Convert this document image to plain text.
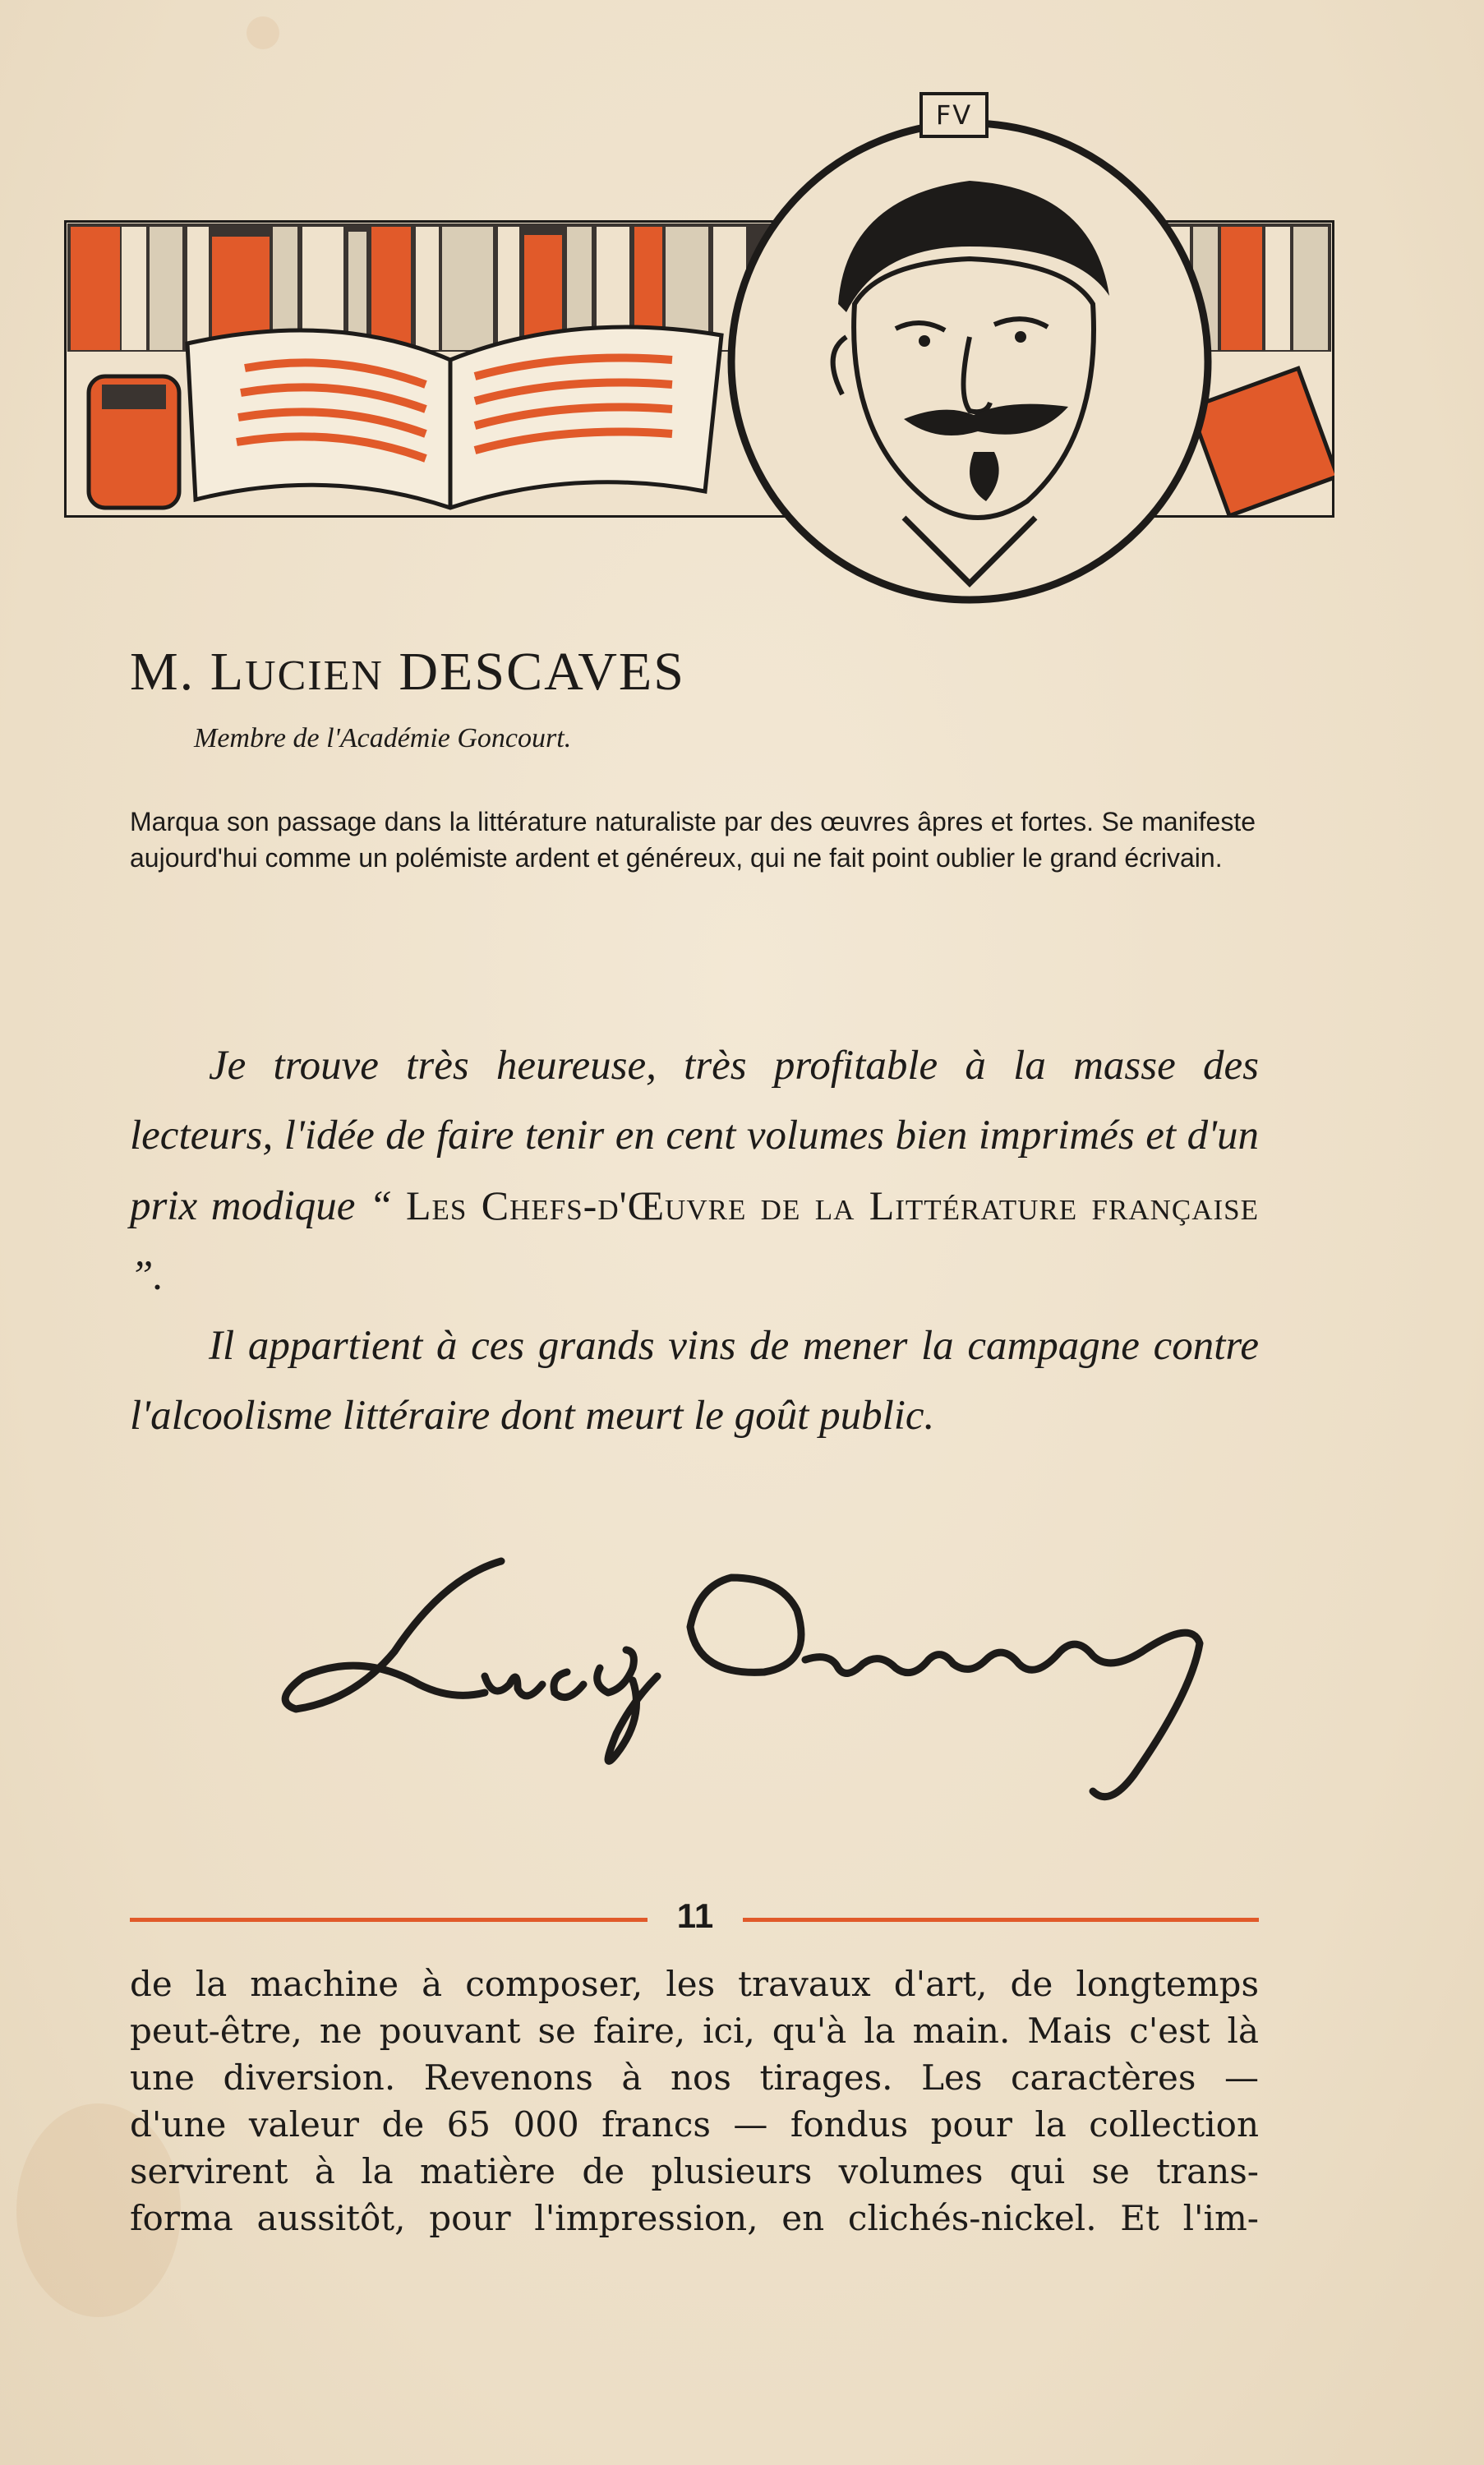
FV
M. LUCIEN DESCAVES
Membre de l'Académie Goncourt.
Marqua son passage dans la littérature naturaliste par des œuvres âpres et fortes. Se manifeste aujourd'hui comme un polémiste ardent et généreux, qui ne fait point oublier le grand écrivain.

Je trouve très heureuse, très profitable à la masse des lecteurs, l'idée de faire tenir en cent volumes bien imprimés et d'un prix modique “ Les Chefs-d'Œuvre de la Littérature française ”.

Il appartient à ces grands vins de mener la campagne contre l'alcoolisme littéraire dont meurt le goût public.

11
de la machine à composer, les travaux d'art, de longtemps
peut-être, ne pouvant se faire, ici, qu'à la main. Mais c'est là
une diversion. Revenons à nos tirages. Les caractères —
d'une valeur de 65 000 francs — fondus pour la collection
servirent à la matière de plusieurs volumes qui se trans-
forma aussitôt, pour l'impression, en clichés-nickel. Et l'im-
